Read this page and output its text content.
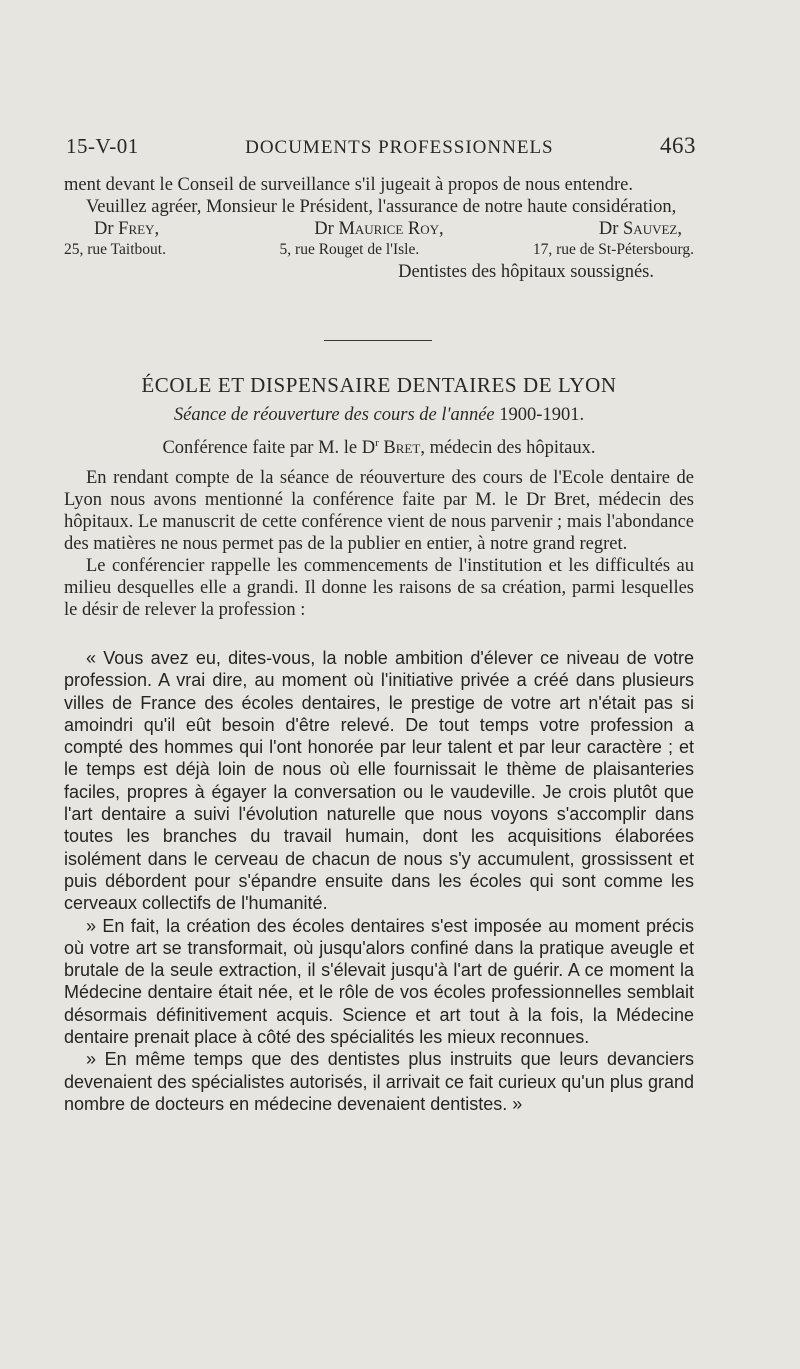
15-V-01	DOCUMENTS PROFESSIONNELS	463

ment devant le Conseil de surveillance s'il jugeait à propos de nous entendre.

Veuillez agréer, Monsieur le Président, l'assurance de notre haute considération,

Dr Frey,	Dr Maurice Roy,	Dr Sauvez,
25, rue Taitbout.	5, rue Rouget de l'Isle.	17, rue de St-Pétersbourg.
Dentistes des hôpitaux soussignés.
ÉCOLE ET DISPENSAIRE DENTAIRES DE LYON
Séance de réouverture des cours de l'année 1900-1901.
Conférence faite par M. le $D^r$ Bret, médecin des hôpitaux.

En rendant compte de la séance de réouverture des cours de l'Ecole dentaire de Lyon nous avons mentionné la conférence faite par M. le Dr Bret, médecin des hôpitaux. Le manuscrit de cette conférence vient de nous parvenir ; mais l'abondance des matières ne nous permet pas de la publier en entier, à notre grand regret.

Le conférencier rappelle les commencements de l'institution et les difficultés au milieu desquelles elle a grandi. Il donne les raisons de sa création, parmi lesquelles le désir de relever la profession :

« Vous avez eu, dites-vous, la noble ambition d'élever ce niveau de votre profession. A vrai dire, au moment où l'initiative privée a créé dans plusieurs villes de France des écoles dentaires, le prestige de votre art n'était pas si amoindri qu'il eût besoin d'être relevé. De tout temps votre profession a compté des hommes qui l'ont honorée par leur talent et par leur caractère ; et le temps est déjà loin de nous où elle fournissait le thème de plaisanteries faciles, propres à égayer la conversation ou le vaudeville. Je crois plutôt que l'art dentaire a suivi l'évolution naturelle que nous voyons s'accomplir dans toutes les branches du travail humain, dont les acquisitions élaborées isolément dans le cerveau de chacun de nous s'y accumulent, grossissent et puis débordent pour s'épandre ensuite dans les écoles qui sont comme les cerveaux collectifs de l'humanité.

» En fait, la création des écoles dentaires s'est imposée au moment précis où votre art se transformait, où jusqu'alors confiné dans la pratique aveugle et brutale de la seule extraction, il s'élevait jusqu'à l'art de guérir. A ce moment la Médecine dentaire était née, et le rôle de vos écoles professionnelles semblait désormais définitivement acquis. Science et art tout à la fois, la Médecine dentaire prenait place à côté des spécialités les mieux reconnues.

» En même temps que des dentistes plus instruits que leurs devanciers devenaient des spécialistes autorisés, il arrivait ce fait curieux qu'un plus grand nombre de docteurs en médecine devenaient dentistes. »
